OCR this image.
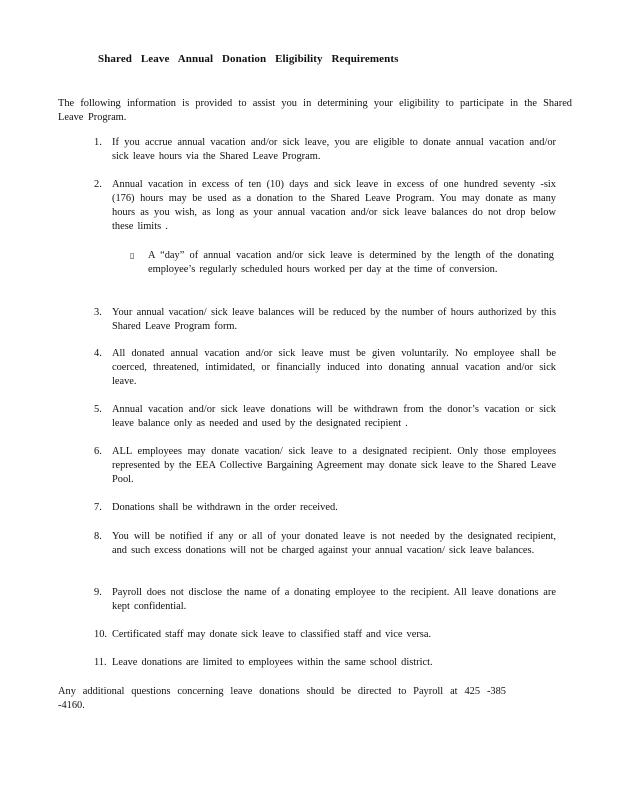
Shared Leave Annual Donation Eligibility Requirements

The following information is provided to assist you in determining your eligibility to participate in the Shared Leave Program.

1. If you accrue annual vacation and/or sick leave, you are eligible to donate annual vacation and/or sick leave hours via the Shared Leave Program.
2. Annual vacation in excess of ten (10) days and sick leave in excess of one hundred seventy -six (176) hours may be used as a donation to the Shared Leave Program. You may donate as many hours as you wish, as long as your annual vacation and/or sick leave balances do not drop below these limits .
3. Your annual vacation/ sick leave balances will be reduced by the number of hours authorized by this Shared Leave Program form.
4. All donated annual vacation and/or sick leave must be given voluntarily. No employee shall be coerced, threatened, intimidated, or financially induced into donating annual vacation and/or sick leave.
5. Annual vacation and/or sick leave donations will be withdrawn from the donor’s vacation or sick leave balance only as needed and used by the designated recipient .
6. ALL employees may donate vacation/ sick leave to a designated recipient. Only those employees represented by the EEA Collective Bargaining Agreement may donate sick leave to the Shared Leave Pool.
7. Donations shall be withdrawn in the order received.
8. You will be notified if any or all of your donated leave is not needed by the designated recipient, and such excess donations will not be charged against your annual vacation/ sick leave balances.
9. Payroll does not disclose the name of a donating employee to the recipient. All leave donations are kept confidential.
10. Certificated staff may donate sick leave to classified staff and vice versa.
11. Leave donations are limited to employees within the same school district.
▯	A “day” of annual vacation and/or sick leave is determined by the length of the donating employee’s regularly scheduled hours worked per day at the time of conversion.

Any additional questions concerning leave donations should be directed to Payroll at 425 -385 -4160.
